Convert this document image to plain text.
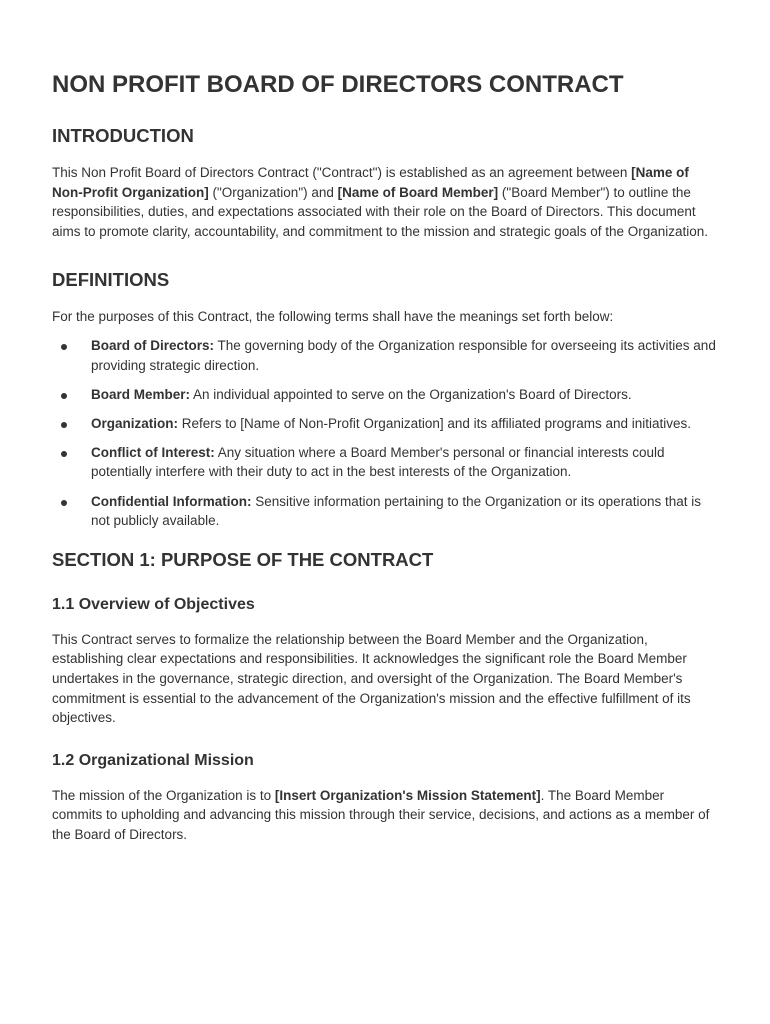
NON PROFIT BOARD OF DIRECTORS CONTRACT
INTRODUCTION

This Non Profit Board of Directors Contract ("Contract") is established as an agreement between [Name of Non-Profit Organization] ("Organization") and [Name of Board Member] ("Board Member") to outline the responsibilities, duties, and expectations associated with their role on the Board of Directors. This document aims to promote clarity, accountability, and commitment to the mission and strategic goals of the Organization.

DEFINITIONS

For the purposes of this Contract, the following terms shall have the meanings set forth below:

Board of Directors: The governing body of the Organization responsible for overseeing its activities and providing strategic direction.
Board Member: An individual appointed to serve on the Organization's Board of Directors.
Organization: Refers to [Name of Non-Profit Organization] and its affiliated programs and initiatives.
Conflict of Interest: Any situation where a Board Member's personal or financial interests could potentially interfere with their duty to act in the best interests of the Organization.
Confidential Information: Sensitive information pertaining to the Organization or its operations that is not publicly available.
SECTION 1: PURPOSE OF THE CONTRACT
1.1 Overview of Objectives

This Contract serves to formalize the relationship between the Board Member and the Organization, establishing clear expectations and responsibilities. It acknowledges the significant role the Board Member undertakes in the governance, strategic direction, and oversight of the Organization. The Board Member's commitment is essential to the advancement of the Organization's mission and the effective fulfillment of its objectives.

1.2 Organizational Mission

The mission of the Organization is to [Insert Organization's Mission Statement]. The Board Member commits to upholding and advancing this mission through their service, decisions, and actions as a member of the Board of Directors.
